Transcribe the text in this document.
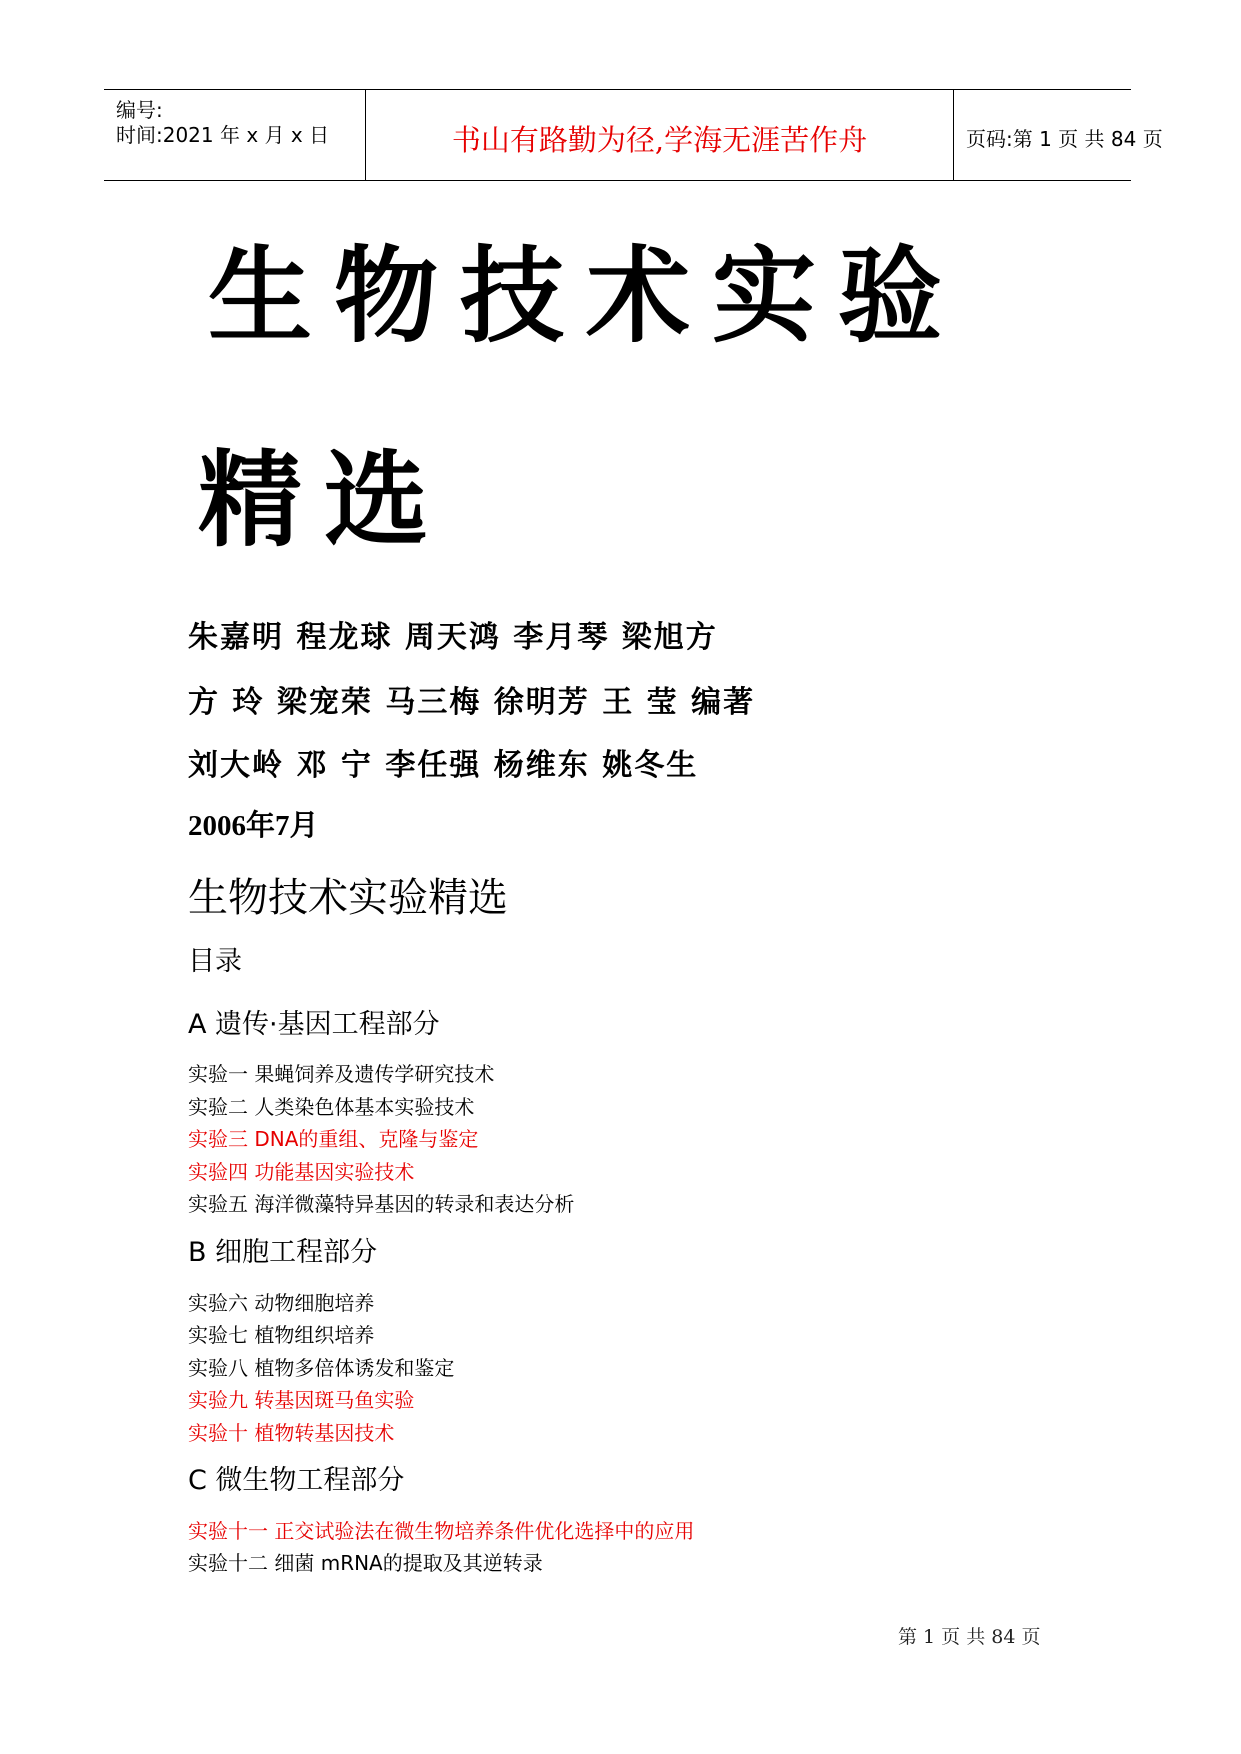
编号:
时间:2021 年 x 月 x 日	书山有路勤为径,学海无涯苦作舟	页码:第 1 页 共 84 页
生物技术实验
精选
朱嘉明 程龙球 周天鸿 李月琴 梁旭方
方 玲 梁宠荣 马三梅 徐明芳 王 莹 编著
刘大岭 邓 宁 李任强 杨维东 姚冬生
2006年7月
生物技术实验精选
目录
A 遗传·基因工程部分
实验一 果蝇饲养及遗传学研究技术
实验二 人类染色体基本实验技术
实验三 DNA的重组、克隆与鉴定
实验四 功能基因实验技术
实验五 海洋微藻特异基因的转录和表达分析
B 细胞工程部分
实验六 动物细胞培养
实验七 植物组织培养
实验八 植物多倍体诱发和鉴定
实验九 转基因斑马鱼实验
实验十 植物转基因技术
C 微生物工程部分
实验十一 正交试验法在微生物培养条件优化选择中的应用
实验十二 细菌 mRNA的提取及其逆转录
第 1 页 共 84 页
